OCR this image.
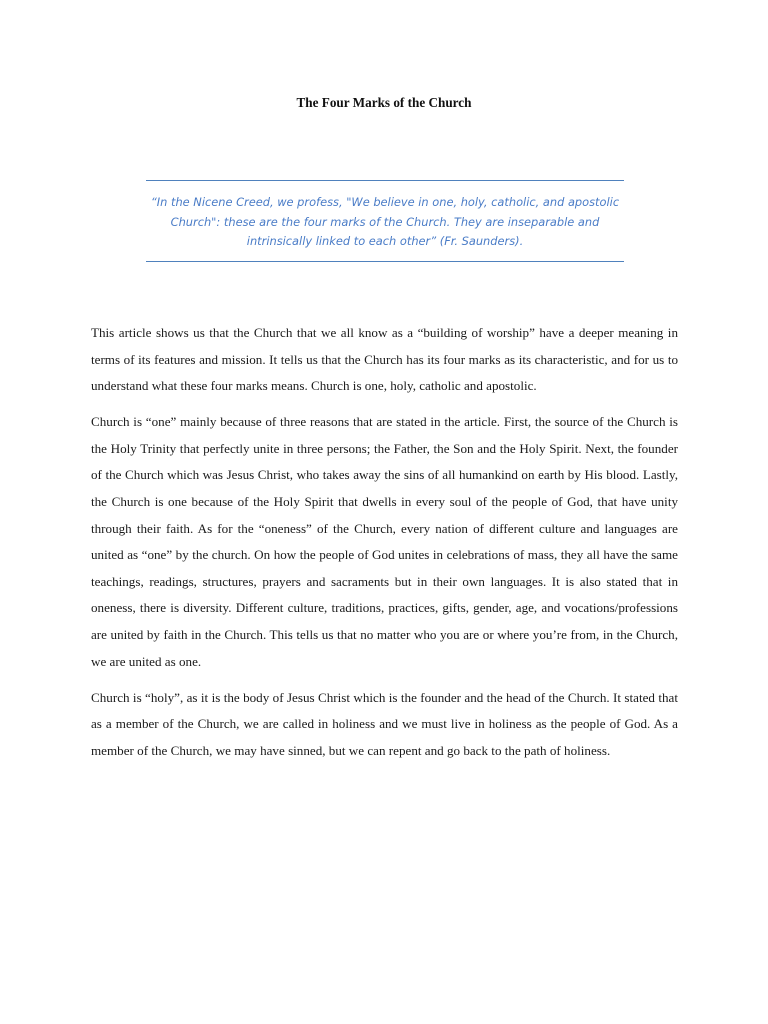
The Four Marks of the Church
“In the Nicene Creed, we profess, "We believe in one, holy, catholic, and apostolic Church": these are the four marks of the Church. They are inseparable and intrinsically linked to each other” (Fr. Saunders).

This article shows us that the Church that we all know as a “building of worship” have a deeper meaning in terms of its features and mission. It tells us that the Church has its four marks as its characteristic, and for us to understand what these four marks means. Church is one, holy, catholic and apostolic.

Church is “one” mainly because of three reasons that are stated in the article. First, the source of the Church is the Holy Trinity that perfectly unite in three persons; the Father, the Son and the Holy Spirit. Next, the founder of the Church which was Jesus Christ, who takes away the sins of all humankind on earth by His blood. Lastly, the Church is one because of the Holy Spirit that dwells in every soul of the people of God, that have unity through their faith. As for the “oneness” of the Church, every nation of different culture and languages are united as “one” by the church. On how the people of God unites in celebrations of mass, they all have the same teachings, readings, structures, prayers and sacraments but in their own languages. It is also stated that in oneness, there is diversity. Different culture, traditions, practices, gifts, gender, age, and vocations/professions are united by faith in the Church. This tells us that no matter who you are or where you’re from, in the Church, we are united as one.

Church is “holy”, as it is the body of Jesus Christ which is the founder and the head of the Church. It stated that as a member of the Church, we are called in holiness and we must live in holiness as the people of God. As a member of the Church, we may have sinned, but we can repent and go back to the path of holiness.
